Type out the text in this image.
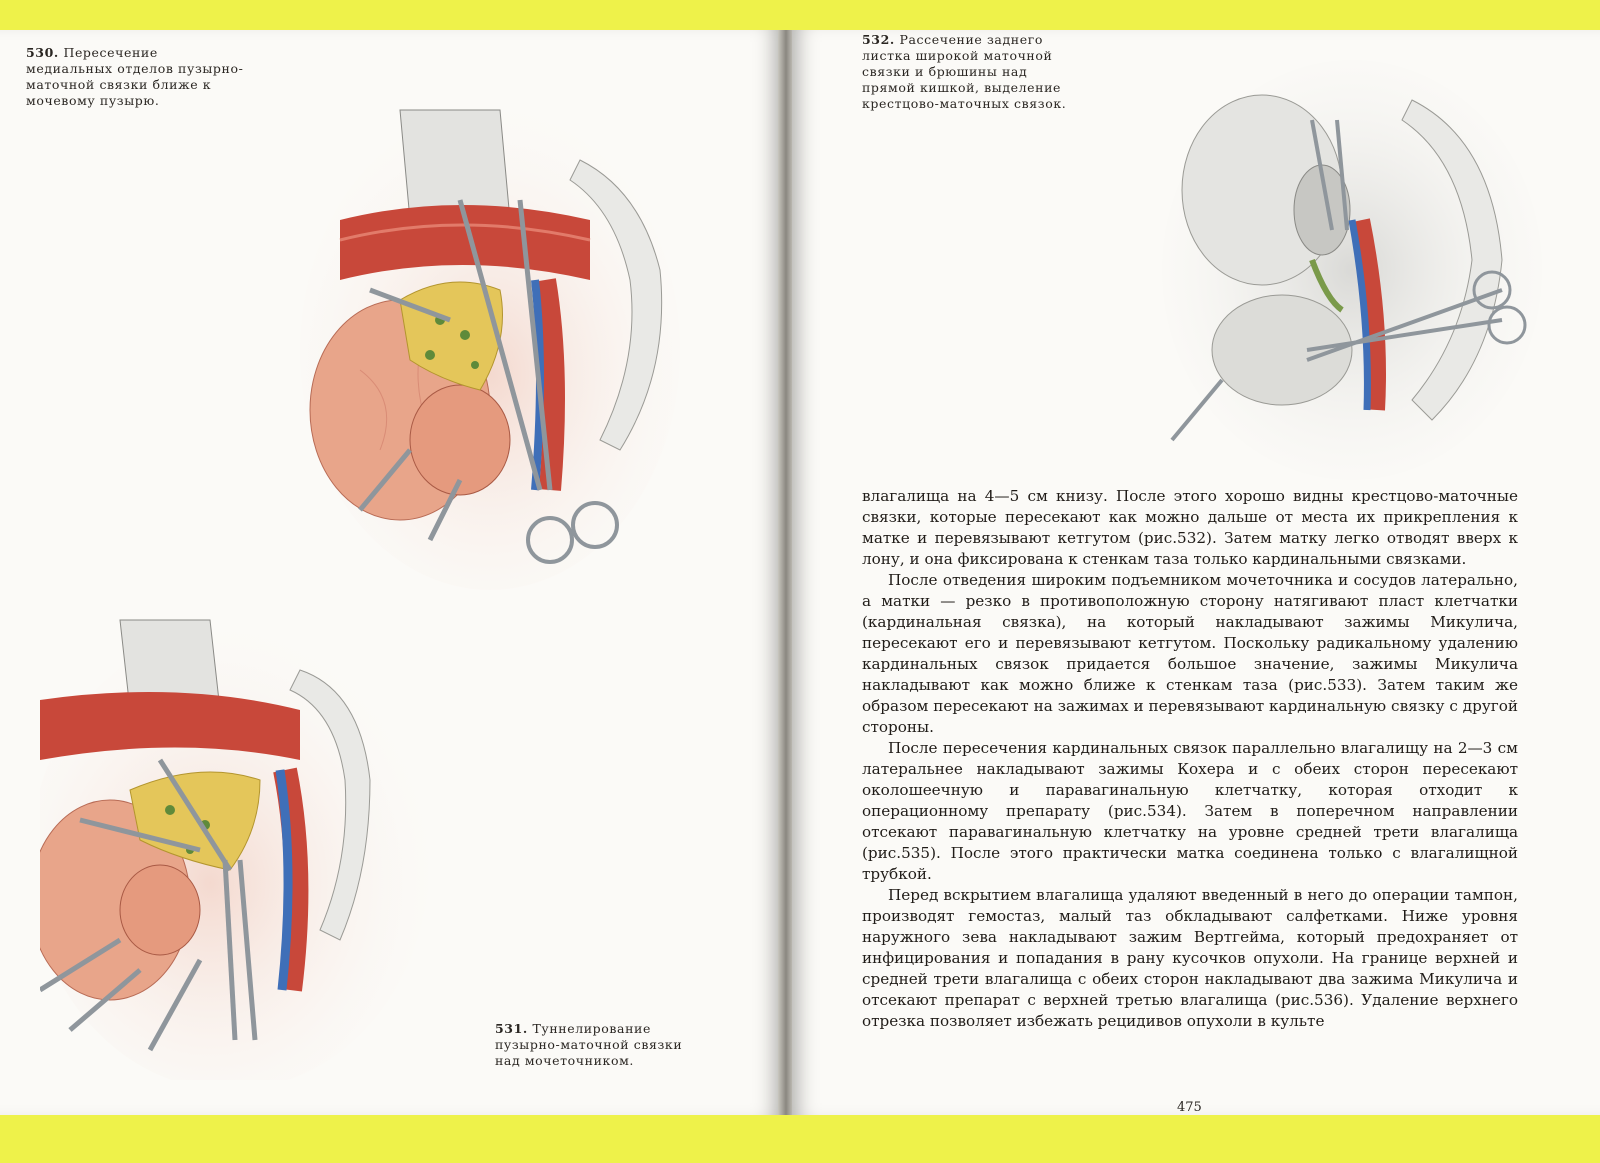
530. Пересечение медиальных отделов пузырно-маточной связки ближе к мочевому пузырю.
531. Туннелирование пузырно-маточной связки над мочеточником.
532. Рассечение заднего листка широкой маточной связки и брюшины над прямой кишкой, выделение крестцово-маточных связок.

влагалища на 4—5 см книзу. После этого хорошо видны крестцово-маточные связки, которые пересекают как можно дальше от места их прикрепления к матке и перевязывают кетгутом (рис.532). Затем матку легко отводят вверх к лону, и она фиксирована к стенкам таза только кардинальными связками.

После отведения широким подъемником мочеточника и сосудов латерально, а матки — резко в противоположную сторону натягивают пласт клетчатки (кардинальная связка), на который накладывают зажимы Микулича, пересекают его и перевязывают кетгутом. Поскольку радикальному удалению кардинальных связок придается большое значение, зажимы Микулича накладывают как можно ближе к стенкам таза (рис.533). Затем таким же образом пересекают на зажимах и перевязывают кардинальную связку с другой стороны.

После пересечения кардинальных связок параллельно влагалищу на 2—3 см латеральнее накладывают зажимы Кохера и с обеих сторон пересекают околошеечную и паравагинальную клетчатку, которая отходит к операционному препарату (рис.534). Затем в поперечном направлении отсекают паравагинальную клетчатку на уровне средней трети влагалища (рис.535). После этого практически матка соединена только с влагалищной трубкой.

Перед вскрытием влагалища удаляют введенный в него до операции тампон, производят гемостаз, малый таз обкладывают салфетками. Ниже уровня наружного зева накладывают зажим Вертгейма, который предохраняет от инфицирования и попадания в рану кусочков опухоли. На границе верхней и средней трети влагалища с обеих сторон накладывают два зажима Микулича и отсекают препарат с верхней третью влагалища (рис.536). Удаление верхнего отрезка позволяет избежать рецидивов опухоли в культе

475
